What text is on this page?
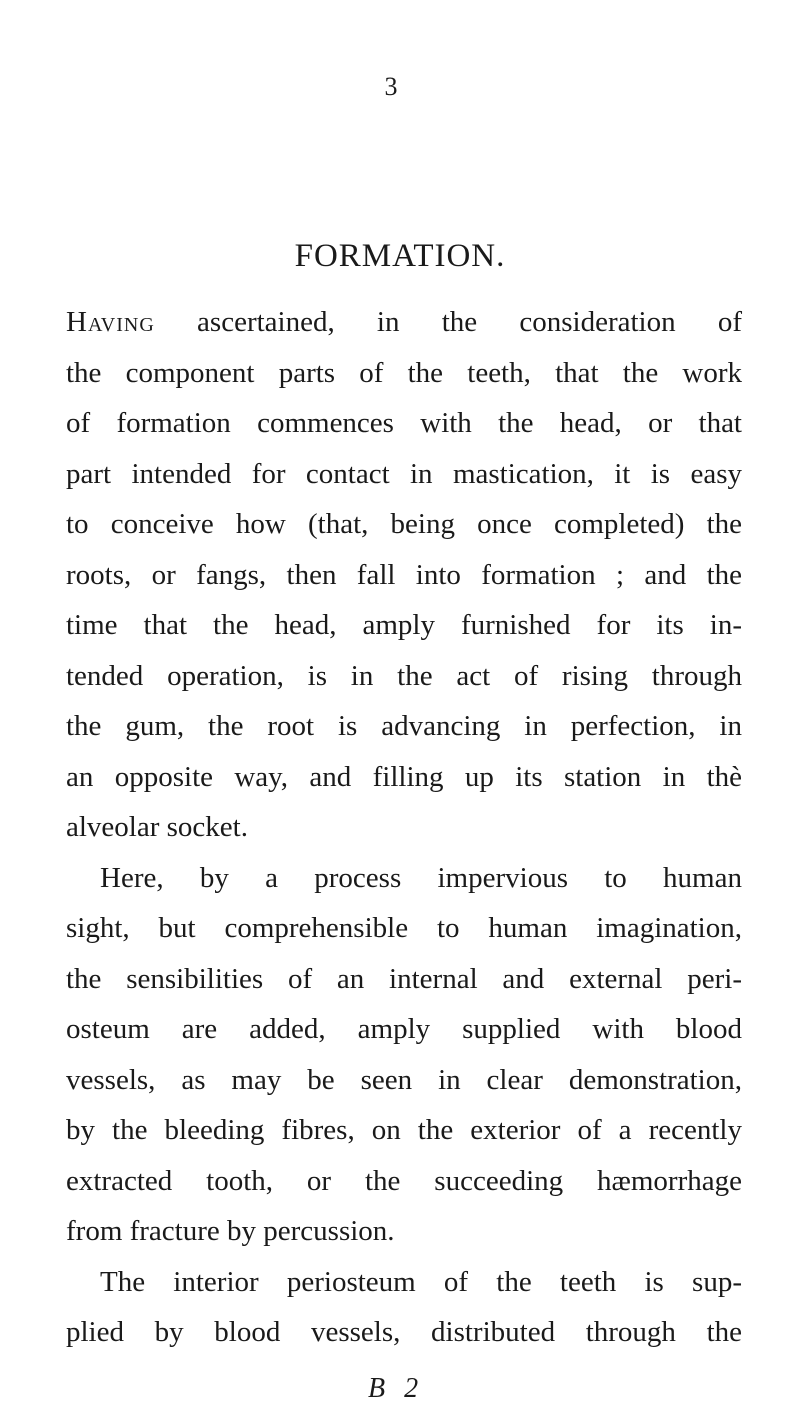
3
FORMATION.
Having ascertained, in the consideration of
the component parts of the teeth, that the work
of formation commences with the head, or that
part intended for contact in mastication, it is easy
to conceive how (that, being once completed) the
roots, or fangs, then fall into formation ; and the
time that the head, amply furnished for its in-
tended operation, is in the act of rising through
the gum, the root is advancing in perfection, in
an opposite way, and filling up its station in thè
alveolar socket.
Here, by a process impervious to human
sight, but comprehensible to human imagination,
the sensibilities of an internal and external peri-
osteum are added, amply supplied with blood
vessels, as may be seen in clear demonstration,
by the bleeding fibres, on the exterior of a recently
extracted tooth, or the succeeding hæmorrhage
from fracture by percussion.
The interior periosteum of the teeth is sup-
plied by blood vessels, distributed through the
B 2
